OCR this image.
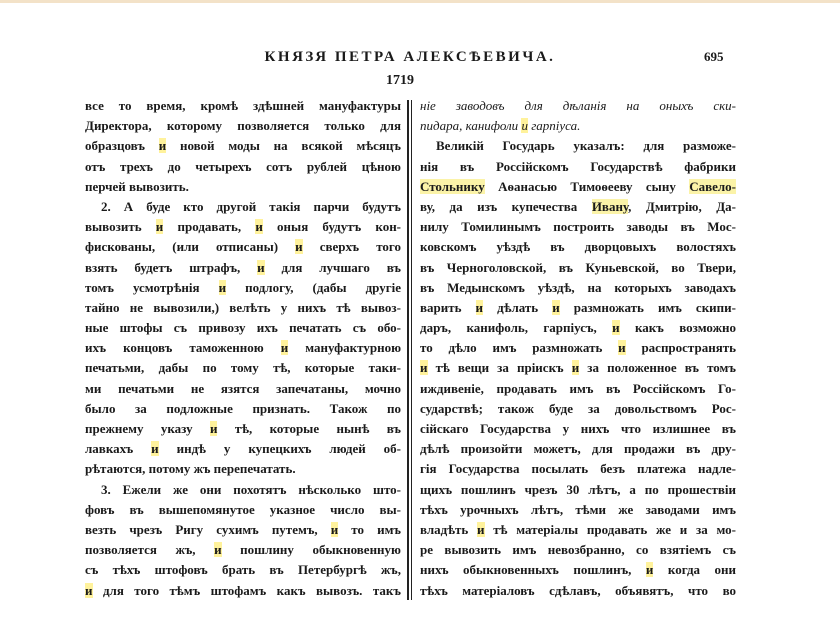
КНЯЗЯ ПЕТРА АЛЕКСѢЕВИЧА.	695
1719
все то время, кромѣ здѣшней мануфактуры
Директора, которому позволяется только для
образцовъ и новой моды на всякой мѣсяцъ
отъ трехъ до четырехъ сотъ рублей цѣною
перчей вывозить.
2. А буде кто другой такія парчи будутъ
вывозить и продавать, и оныя будутъ кон-
фискованы, (или отписаны) и сверхъ того
взять будетъ штрафъ, и для лучшаго въ
томъ усмотрѣнія и подлогу, (дабы другіе
тайно не вывозили,) велѣть у нихъ тѣ вывоз-
ные штофы съ привозу ихъ печатать съ обо-
ихъ концовъ таможенною и мануфактурною
печатьми, дабы по тому тѣ, которые таки-
ми печатьми не язятся запечатаны, мочно
было за подложные признать. Також по
прежнему указу и тѣ, которые нынѣ въ
лавкахъ и индѣ у купецкихъ людей об-
рѣтаются, потому жъ перепечатать.
3. Ежели же они похотятъ нѣсколько што-
фовъ въ вышепомянутое указное число вы-
везть чрезъ Ригу сухимъ путемъ, и то имъ
позволяется жъ, и пошлину обыкновенную
съ тѣхъ штофовъ брать въ Петербургѣ жъ,
и для того тѣмъ штофамъ какъ вывозъ. такъ
ніе заводовъ для дѣланія на оныхъ ски-
пидара, канифоли и гарпіуса.
Великій Государь указалъ: для разможе-
нія въ Россійскомъ Государствѣ фабрики
Стольнику Аѳанасью Тимоѳееву сыну Савело-
ву, да изъ купечества Ивану, Дмитрію, Да-
нилу Томилинымъ построить заводы въ Мос-
ковскомъ уѣздѣ въ дворцовыхъ волостяхъ
въ Черноголовской, въ Куньевской, во Твери,
въ Медынскомъ уѣздѣ, на которыхъ заводахъ
варить и дѣлать и размножать имъ скипи-
даръ, канифоль, гарпіусъ, и какъ возможно
то дѣло имъ размножать и распространять
и тѣ вещи за пріискъ и за положенное въ томъ
иждивеніе, продавать имъ въ Россійскомъ Го-
сударствѣ; також буде за довольствомъ Рос-
сійскаго Государства у нихъ что излишнее въ
дѣлѣ произойти можетъ, для продажи въ дру-
гія Государства посылать безъ платежа надле-
щихъ пошлинъ чрезъ 30 лѣтъ, а по прошествіи
тѣхъ урочныхъ лѣтъ, тѣми же заводами имъ
владѣть и тѣ матеріалы продавать же и за мо-
ре вывозить имъ невозбранно, со взятіемъ съ
нихъ обыкновенныхъ пошлинъ, и когда они
тѣхъ матеріаловъ сдѣлавъ, объявятъ, что во
